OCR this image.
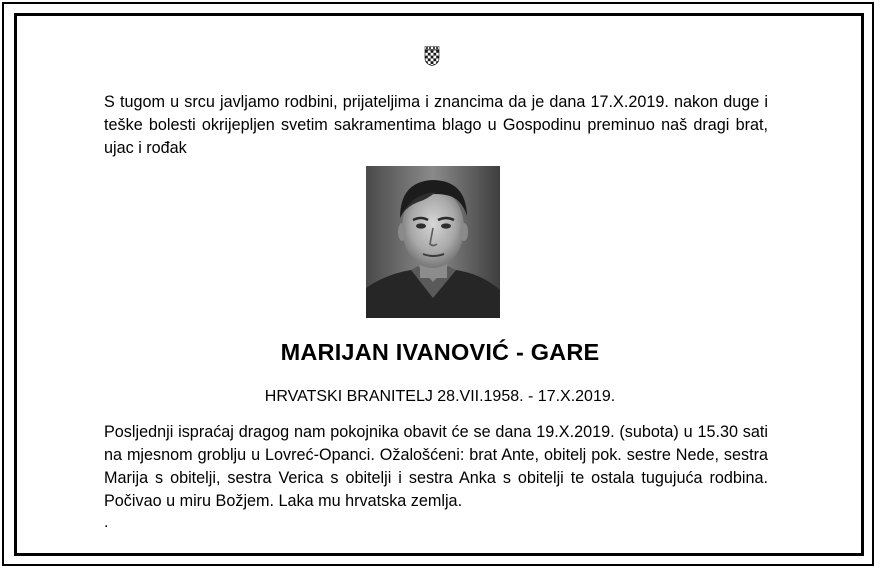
S tugom u srcu javljamo rodbini, prijateljima i znancima da je dana 17.X.2019. nakon duge i teške bolesti okrijepljen svetim sakramentima blago u Gospodinu preminuo naš dragi brat, ujac i rođak

MARIJAN IVANOVIĆ - GARE
HRVATSKI BRANITELJ 28.VII.1958. - 17.X.2019.

Posljednji ispraćaj dragog nam pokojnika obavit će se dana 19.X.2019. (subota) u 15.30 sati na mjesnom groblju u Lovreć-Opanci. Ožalošćeni: brat Ante, obitelj pok. sestre Nede, sestra Marija s obitelji, sestra Verica s obitelji i sestra Anka s obitelji te ostala tugujuća rodbina. Počivao u miru Božjem. Laka mu hrvatska zemlja.

.
